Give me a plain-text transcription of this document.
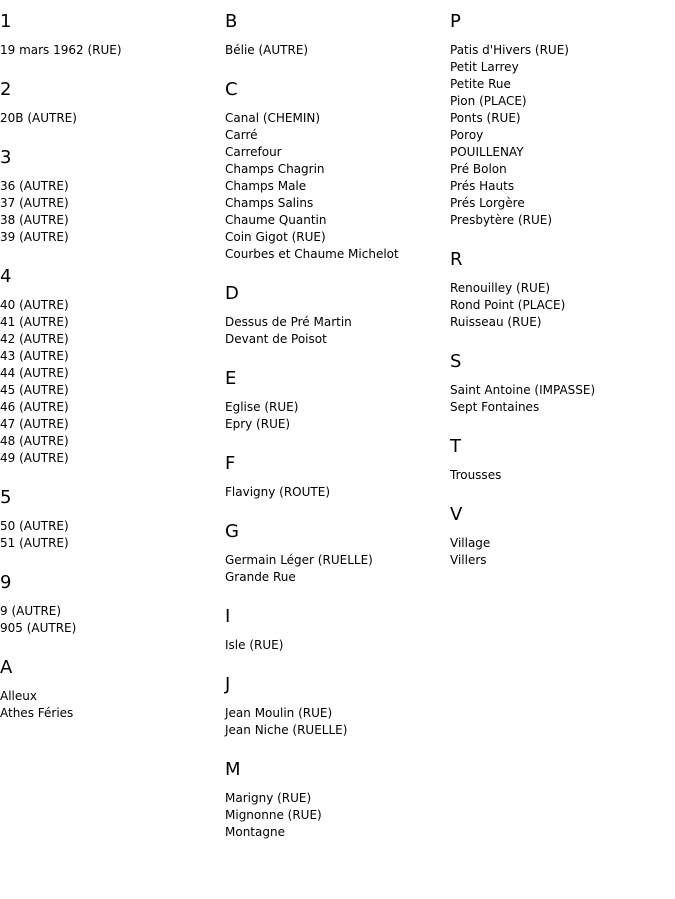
1
19 mars 1962 (RUE)
2
20B (AUTRE)
3
36 (AUTRE)
37 (AUTRE)
38 (AUTRE)
39 (AUTRE)
4
40 (AUTRE)
41 (AUTRE)
42 (AUTRE)
43 (AUTRE)
44 (AUTRE)
45 (AUTRE)
46 (AUTRE)
47 (AUTRE)
48 (AUTRE)
49 (AUTRE)
5
50 (AUTRE)
51 (AUTRE)
9
9 (AUTRE)
905 (AUTRE)
A
Alleux
Athes Féries
B
Bélie (AUTRE)
C
Canal (CHEMIN)
Carré
Carrefour
Champs Chagrin
Champs Male
Champs Salins
Chaume Quantin
Coin Gigot (RUE)
Courbes et Chaume Michelot
D
Dessus de Pré Martin
Devant de Poisot
E
Eglise (RUE)
Epry (RUE)
F
Flavigny (ROUTE)
G
Germain Léger (RUELLE)
Grande Rue
I
Isle (RUE)
J
Jean Moulin (RUE)
Jean Niche (RUELLE)
M
Marigny (RUE)
Mignonne (RUE)
Montagne
P
Patis d'Hivers (RUE)
Petit Larrey
Petite Rue
Pion (PLACE)
Ponts (RUE)
Poroy
POUILLENAY
Pré Bolon
Prés Hauts
Prés Lorgère
Presbytère (RUE)
R
Renouilley (RUE)
Rond Point (PLACE)
Ruisseau (RUE)
S
Saint Antoine (IMPASSE)
Sept Fontaines
T
Trousses
V
Village
Villers
